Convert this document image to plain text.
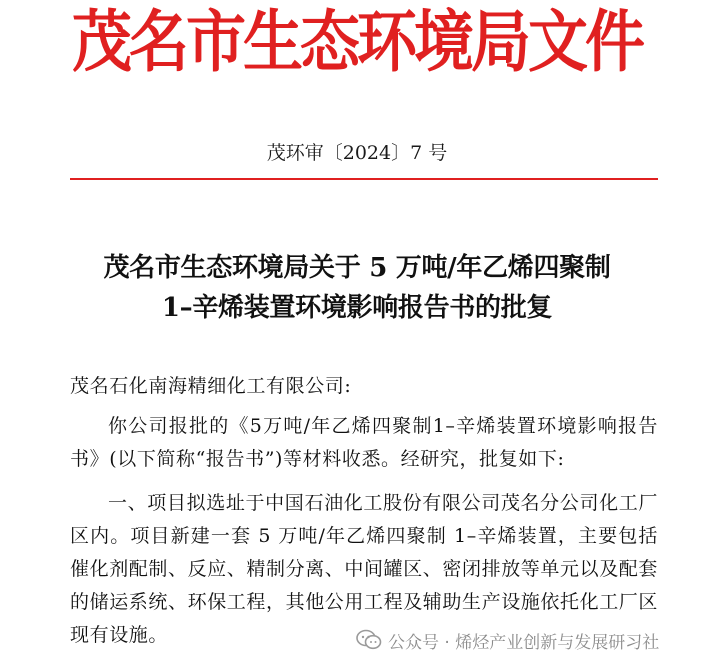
茂名市生态环境局文件
茂环审〔2024〕7 号
茂名市生态环境局关于 5 万吨/年乙烯四聚制
1–辛烯装置环境影响报告书的批复
茂名石化南海精细化工有限公司:
你公司报批的《5万吨/年乙烯四聚制1–辛烯装置环境影响报告书》(以下简称“报告书”)等材料收悉。经研究，批复如下:
一、项目拟选址于中国石油化工股份有限公司茂名分公司化工厂区内。项目新建一套 5 万吨/年乙烯四聚制 1–辛烯装置，主要包括催化剂配制、反应、精制分离、中间罐区、密闭排放等单元以及配套的储运系统、环保工程，其他公用工程及辅助生产设施依托化工厂区现有设施。	公众号 · 烯烃产业创新与发展研习社
